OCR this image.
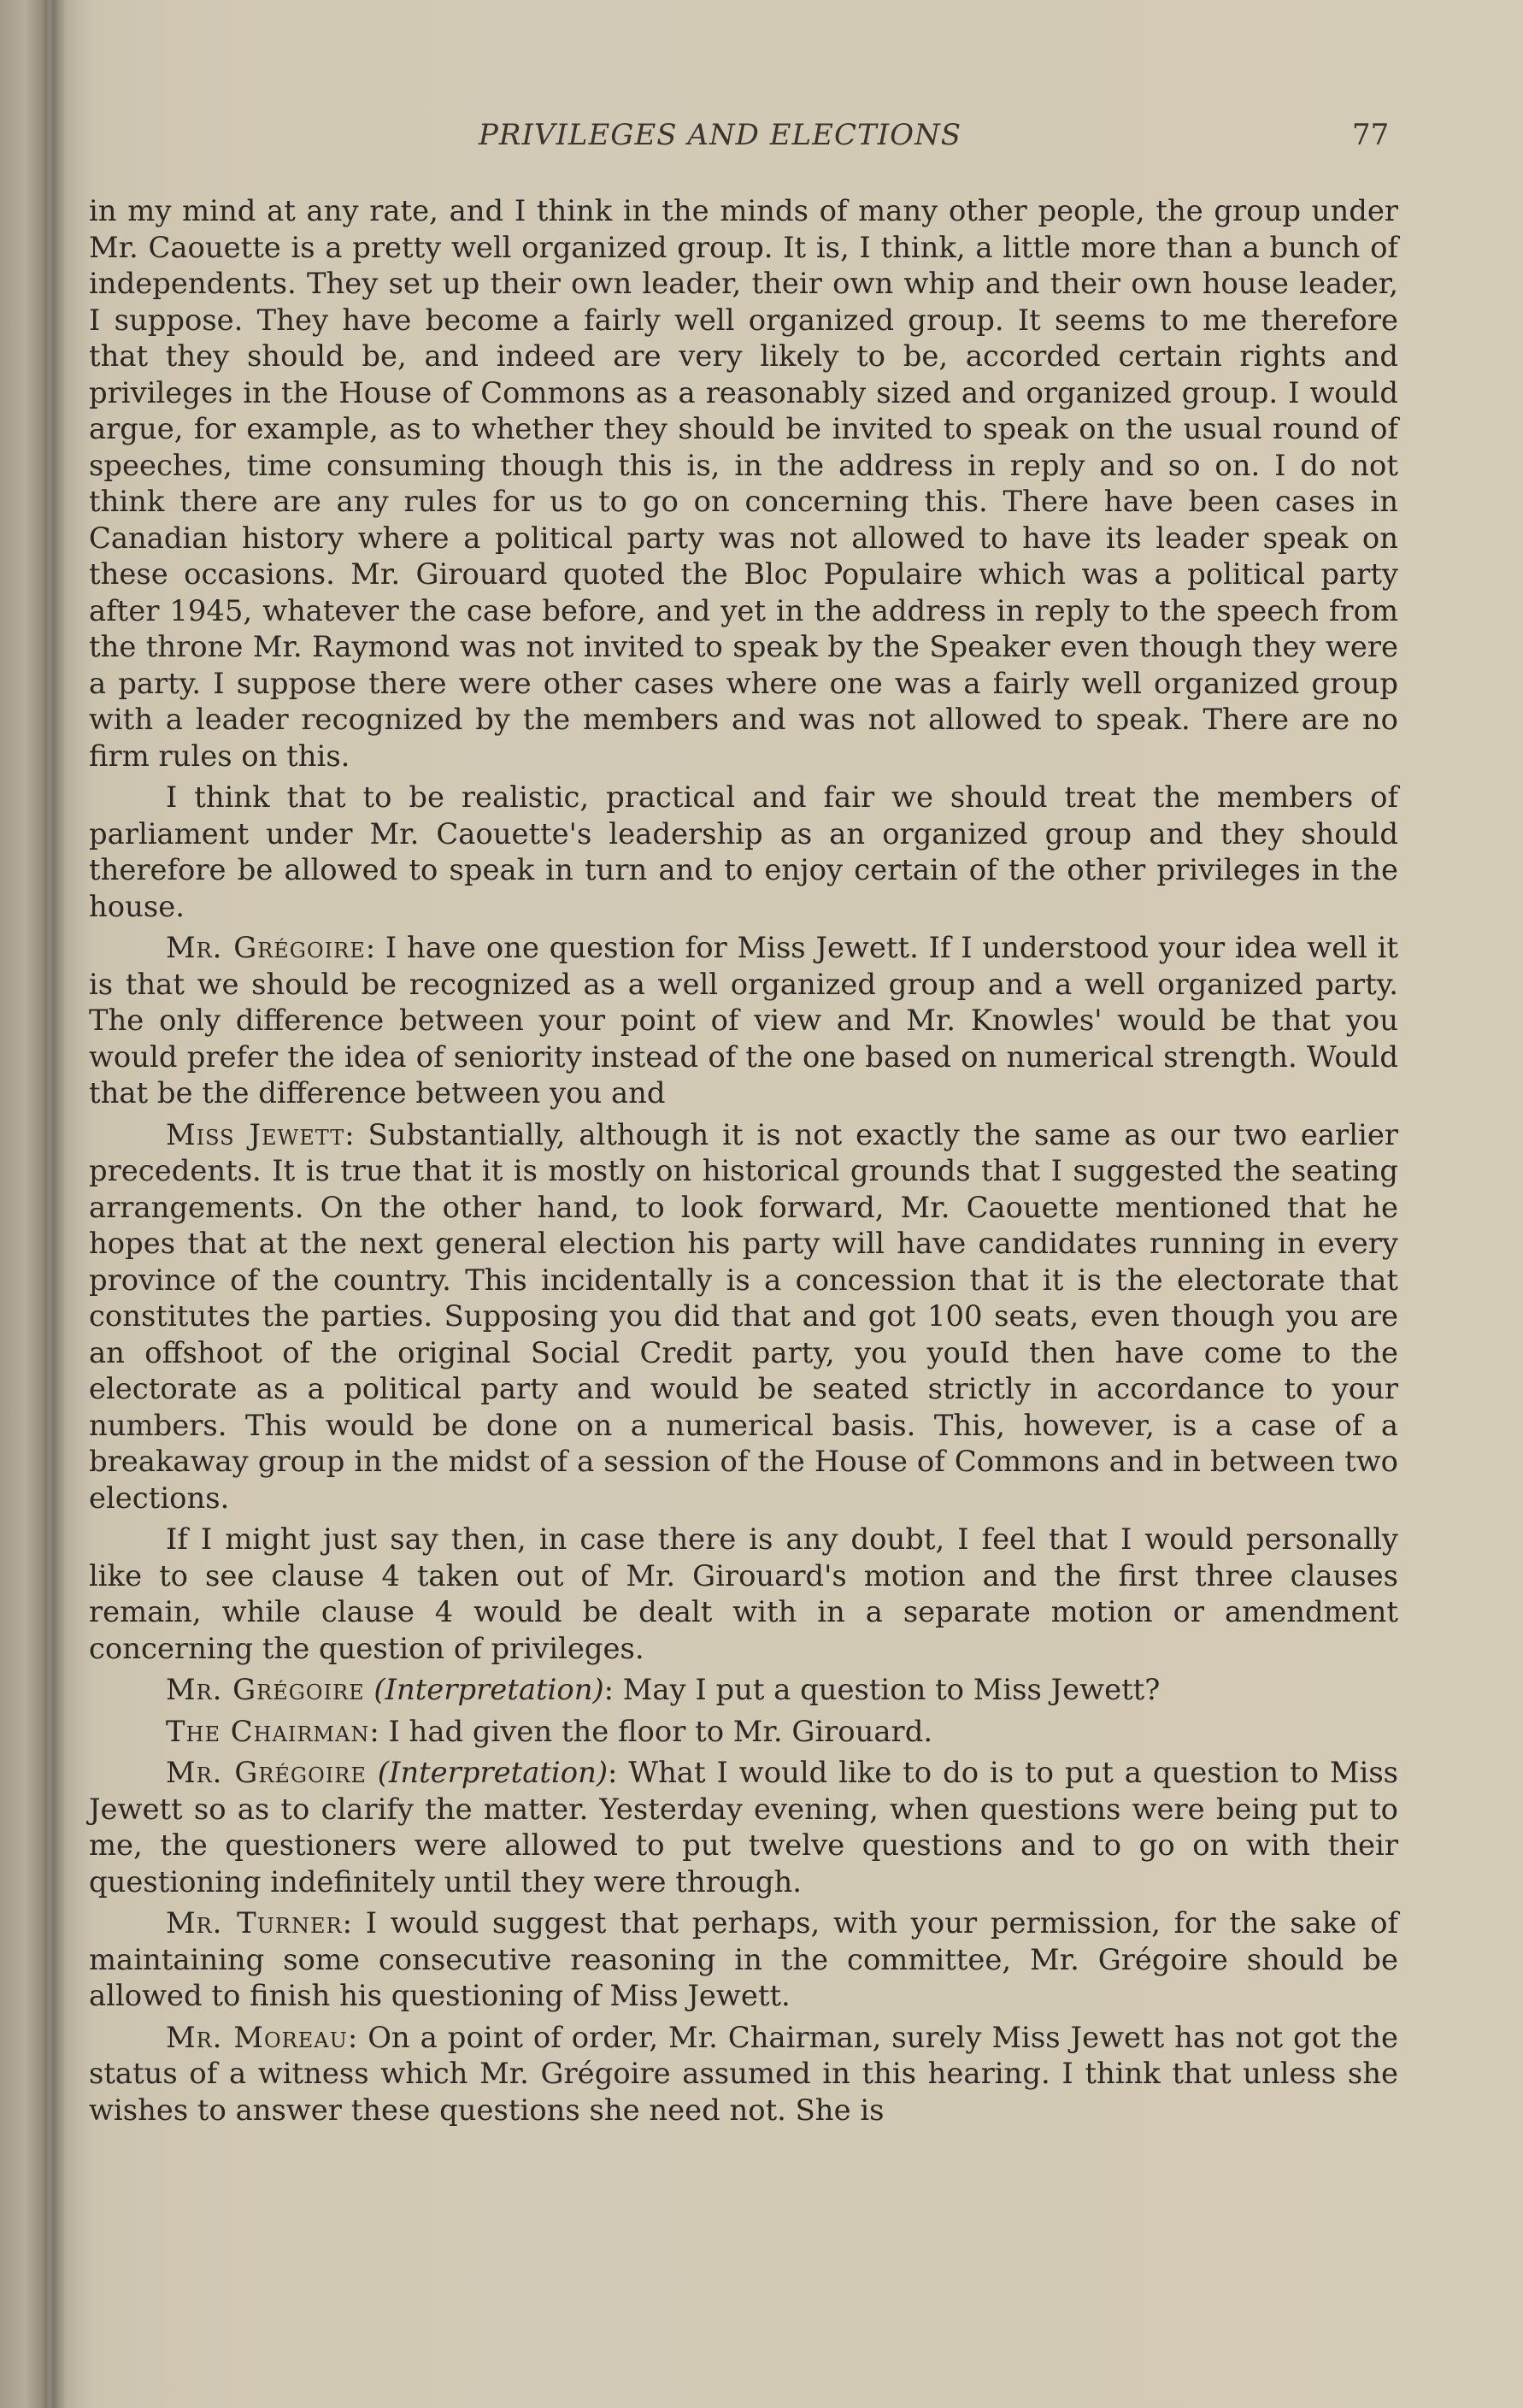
PRIVILEGES AND ELECTIONS	77

in my mind at any rate, and I think in the minds of many other people, the group under Mr. Caouette is a pretty well organized group. It is, I think, a little more than a bunch of independents. They set up their own leader, their own whip and their own house leader, I suppose. They have become a fairly well organized group. It seems to me therefore that they should be, and indeed are very likely to be, accorded certain rights and privileges in the House of Commons as a reasonably sized and organized group. I would argue, for example, as to whether they should be invited to speak on the usual round of speeches, time consuming though this is, in the address in reply and so on. I do not think there are any rules for us to go on concerning this. There have been cases in Canadian history where a political party was not allowed to have its leader speak on these occasions. Mr. Girouard quoted the Bloc Populaire which was a political party after 1945, whatever the case before, and yet in the address in reply to the speech from the throne Mr. Raymond was not invited to speak by the Speaker even though they were a party. I suppose there were other cases where one was a fairly well organized group with a leader recognized by the members and was not allowed to speak. There are no firm rules on this.

I think that to be realistic, practical and fair we should treat the members of parliament under Mr. Caouette's leadership as an organized group and they should therefore be allowed to speak in turn and to enjoy certain of the other privileges in the house.

Mr. Grégoire: I have one question for Miss Jewett. If I understood your idea well it is that we should be recognized as a well organized group and a well organized party. The only difference between your point of view and Mr. Knowles' would be that you would prefer the idea of seniority instead of the one based on numerical strength. Would that be the difference between you and

Miss Jewett: Substantially, although it is not exactly the same as our two earlier precedents. It is true that it is mostly on historical grounds that I suggested the seating arrangements. On the other hand, to look forward, Mr. Caouette mentioned that he hopes that at the next general election his party will have candidates running in every province of the country. This incidentally is a concession that it is the electorate that constitutes the parties. Supposing you did that and got 100 seats, even though you are an offshoot of the original Social Credit party, you youId then have come to the electorate as a political party and would be seated strictly in accordance to your numbers. This would be done on a numerical basis. This, however, is a case of a breakaway group in the midst of a session of the House of Commons and in between two elections.

If I might just say then, in case there is any doubt, I feel that I would personally like to see clause 4 taken out of Mr. Girouard's motion and the first three clauses remain, while clause 4 would be dealt with in a separate motion or amendment concerning the question of privileges.

Mr. Grégoire (Interpretation): May I put a question to Miss Jewett?

The Chairman: I had given the floor to Mr. Girouard.

Mr. Grégoire (Interpretation): What I would like to do is to put a question to Miss Jewett so as to clarify the matter. Yesterday evening, when questions were being put to me, the questioners were allowed to put twelve questions and to go on with their questioning indefinitely until they were through.

Mr. Turner: I would suggest that perhaps, with your permission, for the sake of maintaining some consecutive reasoning in the committee, Mr. Grégoire should be allowed to finish his questioning of Miss Jewett.

Mr. Moreau: On a point of order, Mr. Chairman, surely Miss Jewett has not got the status of a witness which Mr. Grégoire assumed in this hearing. I think that unless she wishes to answer these questions she need not. She is
